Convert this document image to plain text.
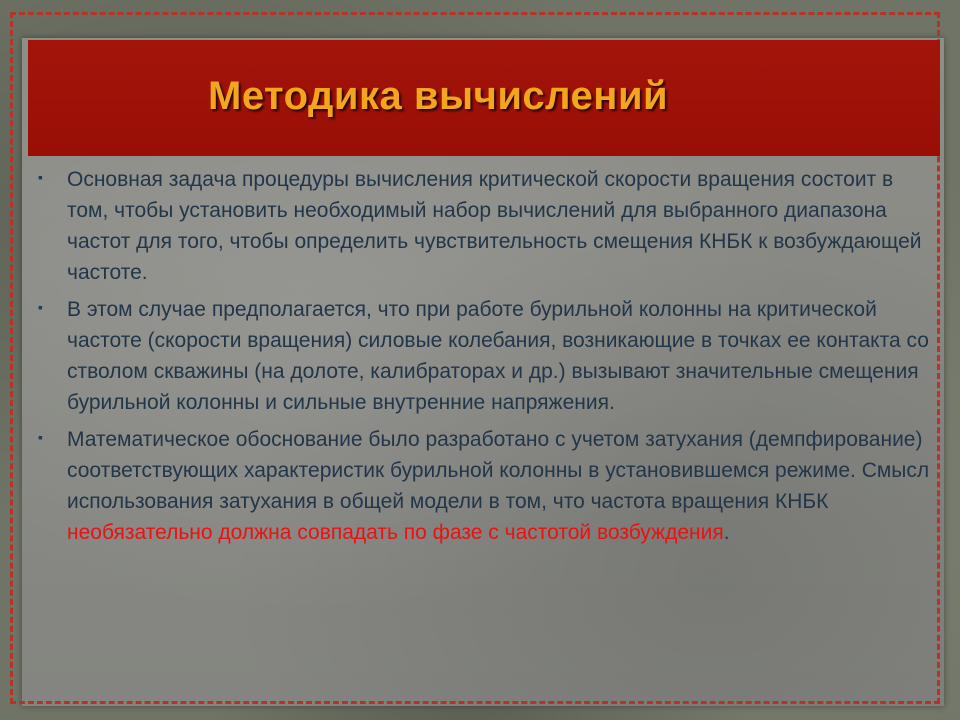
Методика вычислений

▪
Основная задача процедуры вычисления критической скорости вращения состоит в том, чтобы установить необходимый набор вычислений для выбранного диапазона частот для того, чтобы определить чувствительность смещения КНБК к возбуждающей частоте.

▪
В этом случае предполагается, что при работе бурильной колонны на критической частоте (скорости вращения) силовые колебания, возникающие в точках ее контакта со стволом скважины (на долоте, калибраторах и др.) вызывают значительные смещения бурильной колонны и сильные внутренние напряжения.

▪
Математическое обоснование было разработано с учетом затухания (демпфирование) соответствующих характеристик бурильной колонны в установившемся режиме. Смысл использования затухания в общей модели в том, что частота вращения КНБК необязательно должна совпадать по фазе с частотой возбуждения.
